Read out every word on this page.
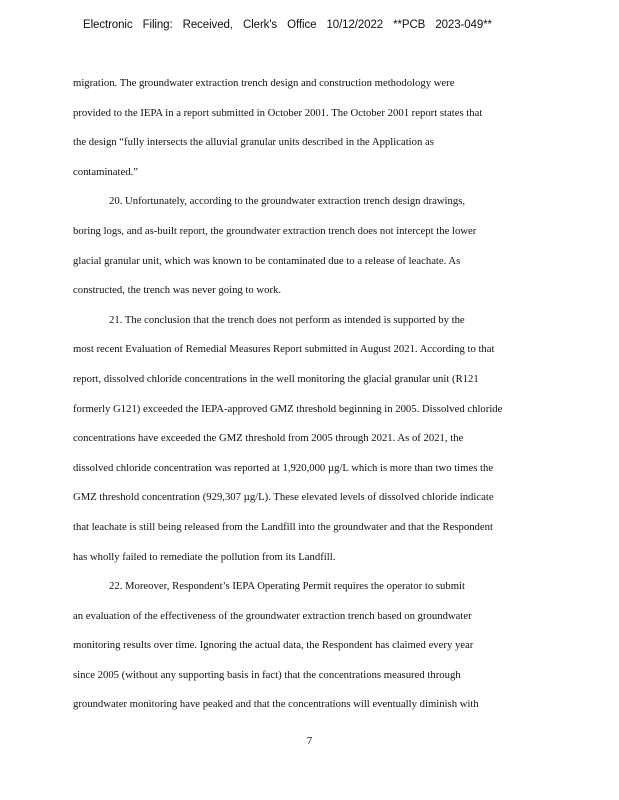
Electronic Filing: Received, Clerk's Office 10/12/2022 **PCB 2023-049**
migration. The groundwater extraction trench design and construction methodology were
provided to the IEPA in a report submitted in October 2001. The October 2001 report states that
the design “fully intersects the alluvial granular units described in the Application as
contaminated.”
20. Unfortunately, according to the groundwater extraction trench design drawings,
boring logs, and as-built report, the groundwater extraction trench does not intercept the lower
glacial granular unit, which was known to be contaminated due to a release of leachate. As
constructed, the trench was never going to work.
21. The conclusion that the trench does not perform as intended is supported by the
most recent Evaluation of Remedial Measures Report submitted in August 2021. According to that
report, dissolved chloride concentrations in the well monitoring the glacial granular unit (R121
formerly G121) exceeded the IEPA-approved GMZ threshold beginning in 2005. Dissolved chloride
concentrations have exceeded the GMZ threshold from 2005 through 2021. As of 2021, the
dissolved chloride concentration was reported at 1,920,000 µg/L which is more than two times the
GMZ threshold concentration (929,307 µg/L). These elevated levels of dissolved chloride indicate
that leachate is still being released from the Landfill into the groundwater and that the Respondent
has wholly failed to remediate the pollution from its Landfill.
22. Moreover, Respondent’s IEPA Operating Permit requires the operator to submit
an evaluation of the effectiveness of the groundwater extraction trench based on groundwater
monitoring results over time. Ignoring the actual data, the Respondent has claimed every year
since 2005 (without any supporting basis in fact) that the concentrations measured through
groundwater monitoring have peaked and that the concentrations will eventually diminish with
7
